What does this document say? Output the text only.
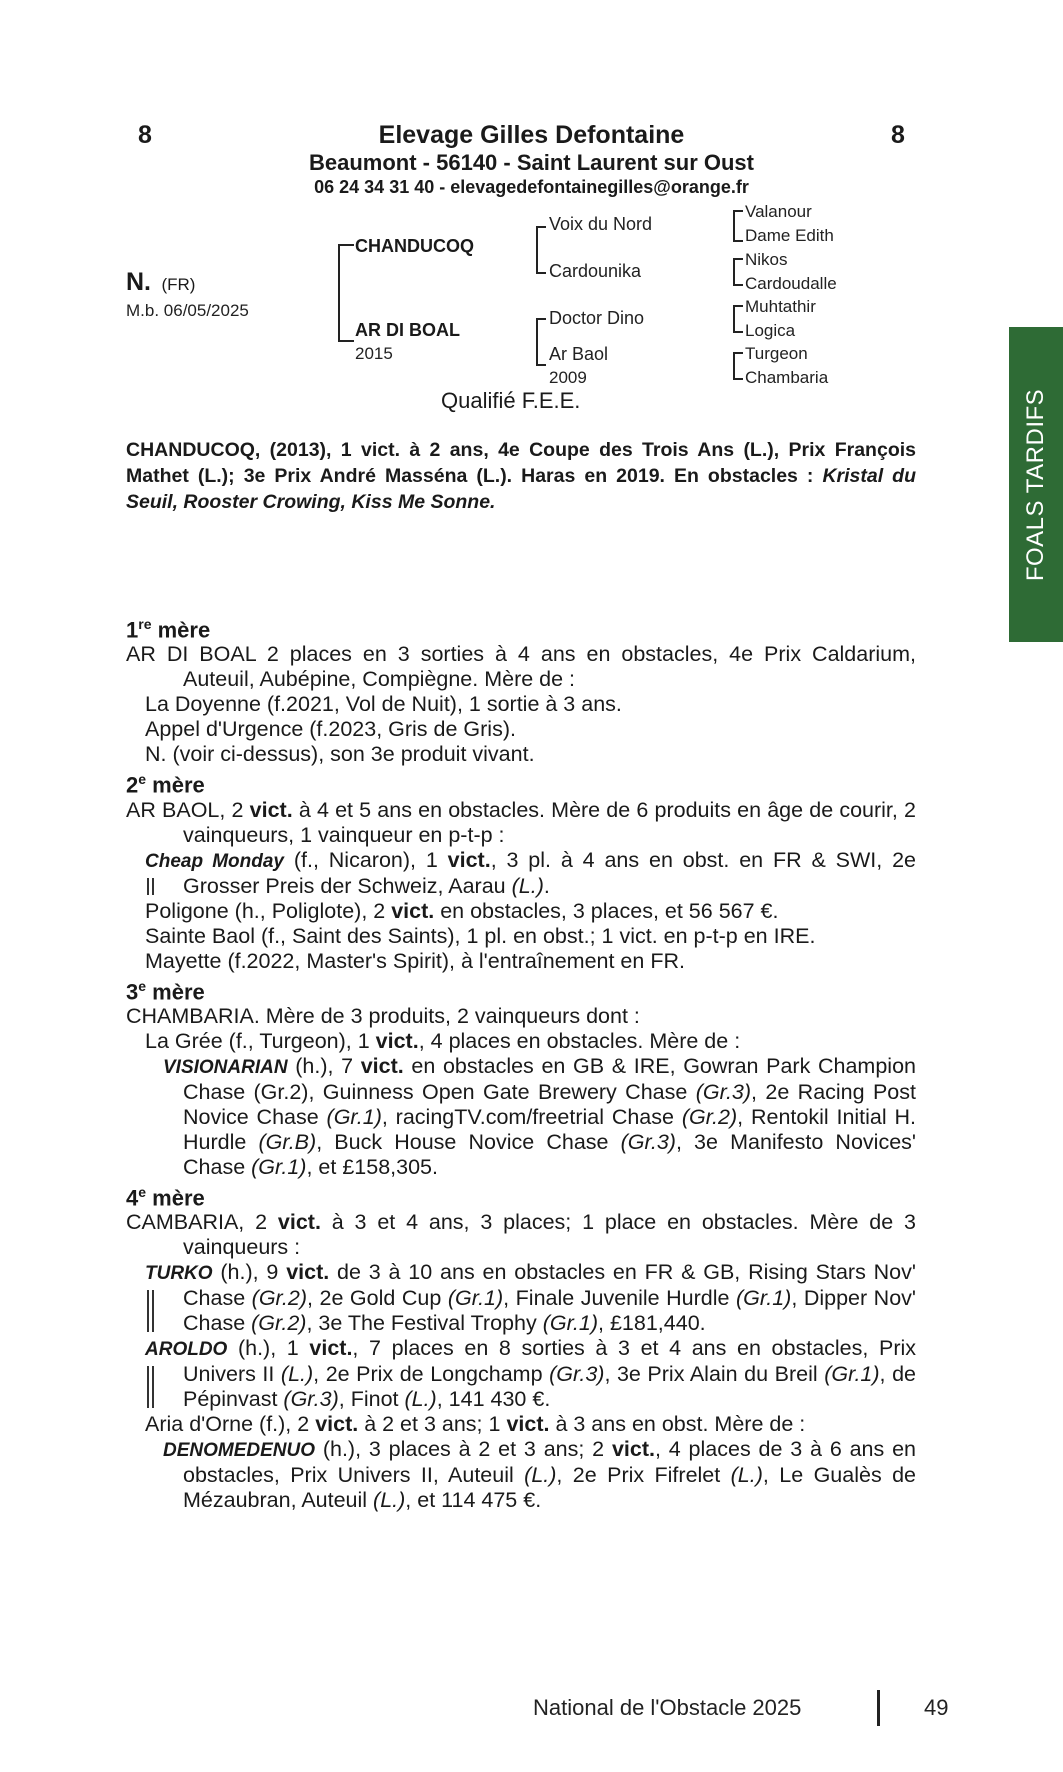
8	8
Elevage Gilles Defontaine
Beaumont - 56140 - Saint Laurent sur Oust
06 24 34 31 40 - elevagedefontainegilles@orange.fr
N. (FR)
M.b. 06/05/2025
CHANDUCOQ
AR DI BOAL
2015
Voix du Nord
Cardounika
Doctor Dino
Ar Baol
2009
Valanour
Dame Edith
Nikos
Cardoudalle
Muhtathir
Logica
Turgeon
Chambaria
Qualifié F.E.E.
CHANDUCOQ, (2013), 1 vict. à 2 ans, 4e Coupe des Trois Ans (L.), Prix François Mathet (L.); 3e Prix André Masséna (L.). Haras en 2019. En obstacles : Kristal du Seuil, Rooster Crowing, Kiss Me Sonne.
1re mère
AR DI BOAL 2 places en 3 sorties à 4 ans en obstacles, 4e Prix Caldarium, Auteuil, Aubépine, Compiègne. Mère de :
La Doyenne (f.2021, Vol de Nuit), 1 sortie à 3 ans.
Appel d'Urgence (f.2023, Gris de Gris).
N. (voir ci-dessus), son 3e produit vivant.
2e mère
AR BAOL, 2 vict. à 4 et 5 ans en obstacles. Mère de 6 produits en âge de courir, 2 vainqueurs, 1 vainqueur en p-t-p :
Cheap Monday (f., Nicaron), 1 vict., 3 pl. à 4 ans en obst. en FR & SWI, 2e Grosser Preis der Schweiz, Aarau (L.).
Poligone (h., Poliglote), 2 vict. en obstacles, 3 places, et 56 567 €.
Sainte Baol (f., Saint des Saints), 1 pl. en obst.; 1 vict. en p-t-p en IRE.
Mayette (f.2022, Master's Spirit), à l'entraînement en FR.
3e mère
CHAMBARIA. Mère de 3 produits, 2 vainqueurs dont :
La Grée (f., Turgeon), 1 vict., 4 places en obstacles. Mère de :
VISIONARIAN (h.), 7 vict. en obstacles en GB & IRE, Gowran Park Champion Chase (Gr.2), Guinness Open Gate Brewery Chase (Gr.3), 2e Racing Post Novice Chase (Gr.1), racingTV.com/freetrial Chase (Gr.2), Rentokil Initial H. Hurdle (Gr.B), Buck House Novice Chase (Gr.3), 3e Manifesto Novices' Chase (Gr.1), et £158,305.
4e mère
CAMBARIA, 2 vict. à 3 et 4 ans, 3 places; 1 place en obstacles. Mère de 3 vainqueurs :
TURKO (h.), 9 vict. de 3 à 10 ans en obstacles en FR & GB, Rising Stars Nov' Chase (Gr.2), 2e Gold Cup (Gr.1), Finale Juvenile Hurdle (Gr.1), Dipper Nov' Chase (Gr.2), 3e The Festival Trophy (Gr.1), £181,440.
AROLDO (h.), 1 vict., 7 places en 8 sorties à 3 et 4 ans en obstacles, Prix Univers II (L.), 2e Prix de Longchamp (Gr.3), 3e Prix Alain du Breil (Gr.1), de Pépinvast (Gr.3), Finot (L.), 141 430 €.
Aria d'Orne (f.), 2 vict. à 2 et 3 ans; 1 vict. à 3 ans en obst. Mère de :
DENOMEDENUO (h.), 3 places à 2 et 3 ans; 2 vict., 4 places de 3 à 6 ans en obstacles, Prix Univers II, Auteuil (L.), 2e Prix Fifrelet (L.), Le Gualès de Mézaubran, Auteuil (L.), et 114 475 €.
FOALS TARDIFS
National de l'Obstacle 2025	49
